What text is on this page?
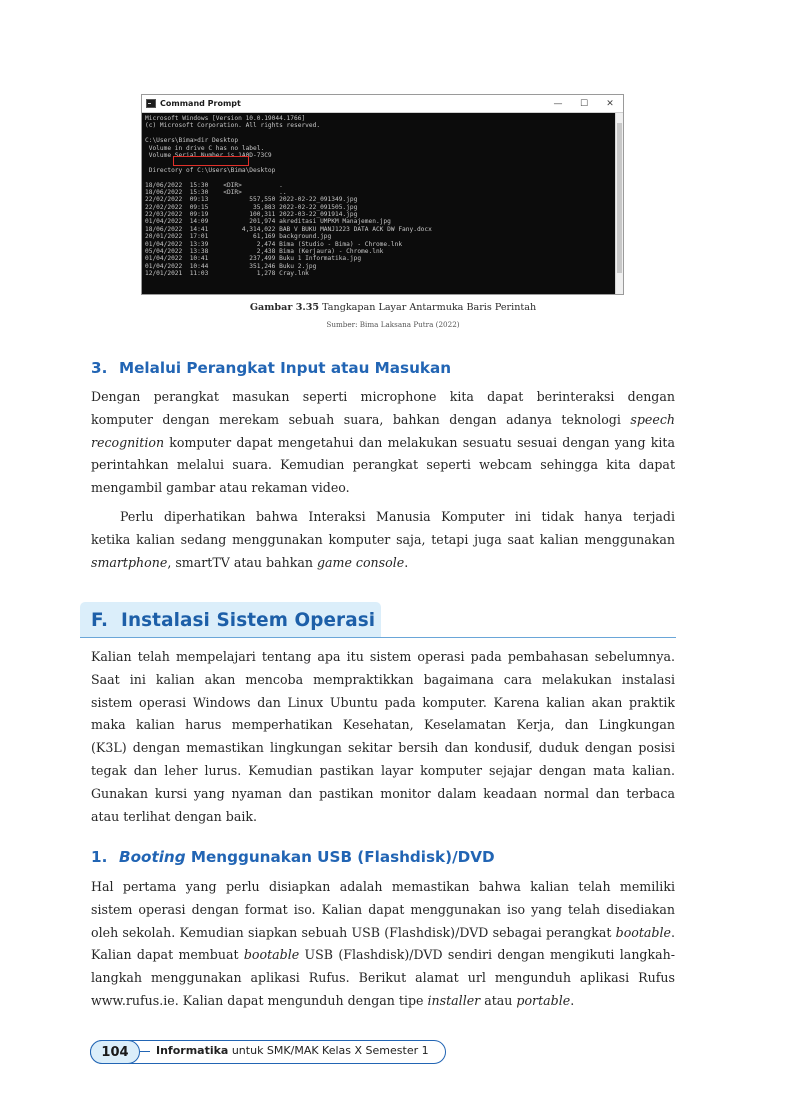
Command Prompt	—	☐	✕
Microsoft Windows [Version 10.0.19044.1766]
(c) Microsoft Corporation. All rights reserved.
C:\Users\Bima>dir Desktop
Volume in drive C has no label.
Volume Serial Number is 1A0D-73C9
Directory of C:\Users\Bima\Desktop
18/06/2022  15:30    <DIR>          .
18/06/2022  15:30    <DIR>          ..
22/02/2022  09:13           557,550 2022-02-22_091349.jpg
22/02/2022  09:15            35,883 2022-02-22_091505.jpg
22/03/2022  09:19           100,311 2022-03-22_091914.jpg
01/04/2022  14:09           201,974 akreditasi UMPKM Manajemen.jpg
18/06/2022  14:41         4,314,022 BAB V BUKU MANJ1223 DATA ACK DW Fany.docx
20/01/2022  17:01            61,169 background.jpg
01/04/2022  13:39             2,474 Bima (Studio - Bima) - Chrome.lnk
05/04/2022  13:38             2,438 Bima (Kerjaura) - Chrome.lnk
01/04/2022  10:41           237,499 Buku 1 Informatika.jpg
01/04/2022  10:44           351,246 Buku 2.jpg
12/01/2021  11:03             1,278 Cray.lnk
Gambar 3.35 Tangkapan Layar Antarmuka Baris Perintah
Sumber: Bima Laksana Putra (2022)
3. Melalui Perangkat Input atau Masukan
Dengan perangkat masukan seperti microphone kita dapat berinteraksi dengan
komputer dengan merekam sebuah suara, bahkan dengan adanya teknologi speech
recognition komputer dapat mengetahui dan melakukan sesuatu sesuai dengan yang kita
perintahkan melalui suara. Kemudian perangkat seperti webcam sehingga kita dapat
mengambil gambar atau rekaman video.
Perlu diperhatikan bahwa Interaksi Manusia Komputer ini tidak hanya terjadi
ketika kalian sedang menggunakan komputer saja, tetapi juga saat kalian menggunakan
smartphone, smartTV atau bahkan game console.
F. Instalasi Sistem Operasi
Kalian telah mempelajari tentang apa itu sistem operasi pada pembahasan sebelumnya.
Saat ini kalian akan mencoba mempraktikkan bagaimana cara melakukan instalasi
sistem operasi Windows dan Linux Ubuntu pada komputer. Karena kalian akan praktik
maka kalian harus memperhatikan Kesehatan, Keselamatan Kerja, dan Lingkungan
(K3L) dengan memastikan lingkungan sekitar bersih dan kondusif, duduk dengan posisi
tegak dan leher lurus. Kemudian pastikan layar komputer sejajar dengan mata kalian.
Gunakan kursi yang nyaman dan pastikan monitor dalam keadaan normal dan terbaca
atau terlihat dengan baik.
1. Booting Menggunakan USB (Flashdisk)/DVD
Hal pertama yang perlu disiapkan adalah memastikan bahwa kalian telah memiliki
sistem operasi dengan format iso. Kalian dapat menggunakan iso yang telah disediakan
oleh sekolah. Kemudian siapkan sebuah USB (Flashdisk)/DVD sebagai perangkat bootable.
Kalian dapat membuat bootable USB (Flashdisk)/DVD sendiri dengan mengikuti langkah-
langkah menggunakan aplikasi Rufus. Berikut alamat url mengunduh aplikasi Rufus
www.rufus.ie. Kalian dapat mengunduh dengan tipe installer atau portable.
104	Informatika untuk SMK/MAK Kelas X Semester 1
